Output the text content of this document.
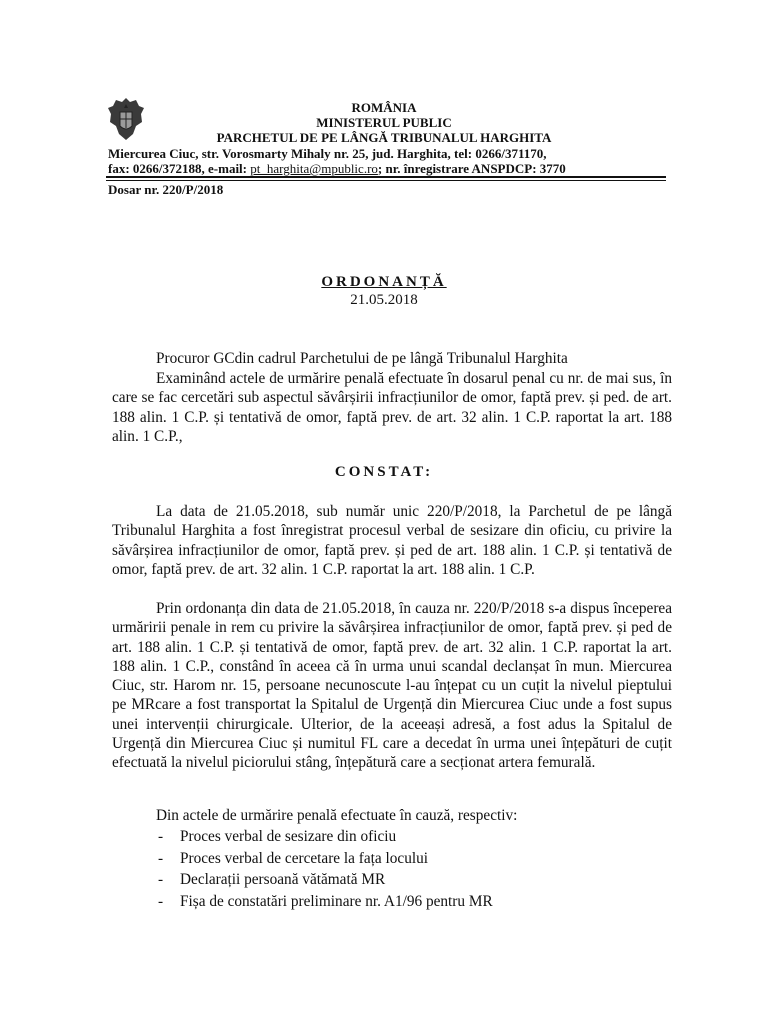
ROMÂNIA
MINISTERUL PUBLIC
PARCHETUL DE PE LÂNGĂ TRIBUNALUL HARGHITA
Miercurea Ciuc, str. Vorosmarty Mihaly nr. 25, jud. Harghita, tel: 0266/371170,
fax: 0266/372188, e-mail: pt_harghita@mpublic.ro; nr. înregistrare ANSPDCP: 3770
Dosar nr. 220/P/2018
ORDONANȚĂ
21.05.2018
Procuror GCdin cadrul Parchetului de pe lângă Tribunalul Harghita
Examinând actele de urmărire penală efectuate în dosarul penal cu nr. de mai sus, în care se fac cercetări sub aspectul săvârșirii infracțiunilor de omor, faptă prev. și ped. de art. 188 alin. 1 C.P. și tentativă de omor, faptă prev. de art. 32 alin. 1 C.P. raportat la art. 188 alin. 1 C.P.,
CONSTAT:
La data de 21.05.2018, sub număr unic 220/P/2018, la Parchetul de pe lângă Tribunalul Harghita a fost înregistrat procesul verbal de sesizare din oficiu, cu privire la săvârșirea infracțiunilor de omor, faptă prev. și ped de art. 188 alin. 1 C.P. și tentativă de omor, faptă prev. de art. 32 alin. 1 C.P. raportat la art. 188 alin. 1 C.P.
Prin ordonanța din data de 21.05.2018, în cauza nr. 220/P/2018 s-a dispus începerea urmăririi penale in rem cu privire la săvârșirea infracțiunilor de omor, faptă prev. și ped de art. 188 alin. 1 C.P. și tentativă de omor, faptă prev. de art. 32 alin. 1 C.P. raportat la art. 188 alin. 1 C.P., constând în aceea că în urma unui scandal declanșat în mun. Miercurea Ciuc, str. Harom nr. 15, persoane necunoscute l-au înțepat cu un cuțit la nivelul pieptului pe MRcare a fost transportat la Spitalul de Urgență din Miercurea Ciuc unde a fost supus unei intervenții chirurgicale. Ulterior, de la aceeași adresă, a fost adus la Spitalul de Urgență din Miercurea Ciuc și numitul FL care a decedat în urma unei înțepături de cuțit efectuată la nivelul piciorului stâng, înțepătură care a secționat artera femurală.
Din actele de urmărire penală efectuate în cauză, respectiv:
- Proces verbal de sesizare din oficiu
- Proces verbal de cercetare la fața locului
- Declarații persoană vătămată MR
- Fișa de constatări preliminare nr. A1/96 pentru MR
